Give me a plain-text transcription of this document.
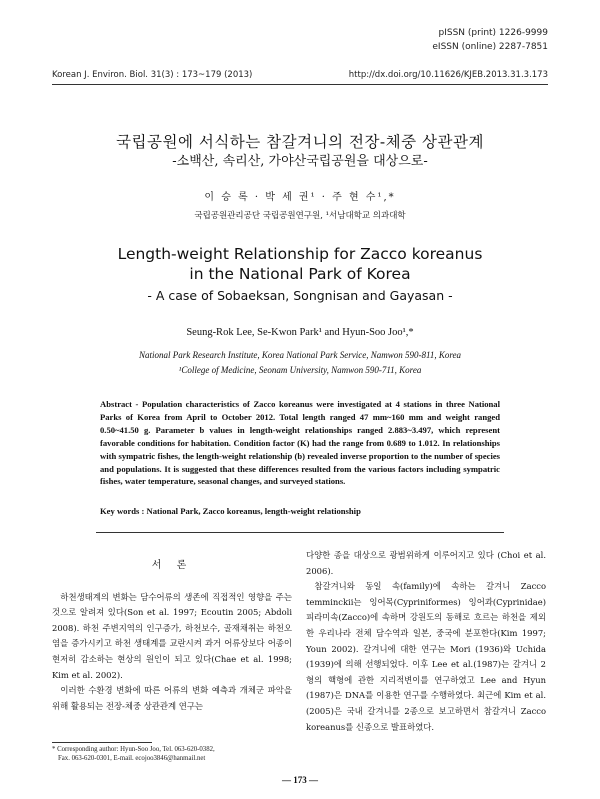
pISSN (print) 1226-9999
eISSN (online) 2287-7851
Korean J. Environ. Biol. 31(3) : 173~179 (2013)	http://dx.doi.org/10.11626/KJEB.2013.31.3.173
국립공원에 서식하는 참갈겨니의 전장-체중 상관관계
-소백산, 속리산, 가야산국립공원을 대상으로-
이 승 록 · 박 세 권¹ · 주 현 수¹,*
국립공원관리공단 국립공원연구원, ¹서남대학교 의과대학
Length-weight Relationship for Zacco koreanus
in the National Park of Korea
- A case of Sobaeksan, Songnisan and Gayasan -
Seung-Rok Lee, Se-Kwon Park¹ and Hyun-Soo Joo¹,*
National Park Research Institute, Korea National Park Service, Namwon 590-811, Korea
¹College of Medicine, Seonam University, Namwon 590-711, Korea
Abstract - Population characteristics of Zacco koreanus were investigated at 4 stations in three National Parks of Korea from April to October 2012. Total length ranged 47 mm~160 mm and weight ranged 0.50~41.50 g. Parameter b values in length-weight relationships ranged 2.883~3.497, which represent favorable conditions for habitation. Condition factor (K) had the range from 0.689 to 1.012. In relationships with sympatric fishes, the length-weight relationship (b) revealed inverse proportion to the number of species and populations. It is suggested that these differences resulted from the various factors including sympatric fishes, water temperature, seasonal changes, and surveyed stations.
Key words : National Park, Zacco koreanus, length-weight relationship
서 론

하천생태계의 변화는 담수어류의 생존에 직접적인 영향을 주는 것으로 알려져 있다(Son et al. 1997; Ecoutin 2005; Abdoli 2008). 하천 주변지역의 인구증가, 하천보수, 골재채취는 하천오염을 증가시키고 하천 생태계를 교란시켜 과거 어류상보다 어종이 현저히 감소하는 현상의 원인이 되고 있다(Chae et al. 1998; Kim et al. 2002).

이러한 수환경 변화에 따른 어류의 변화 예측과 개체군 파악을 위해 활용되는 전장-체중 상관관계 연구는

다양한 종을 대상으로 광범위하게 이루어지고 있다 (Choi et al. 2006).

참갈겨니와 동일 속(family)에 속하는 갈겨니 Zacco temminckii는 잉어목(Cypriniformes) 잉어과(Cyprinidae) 피라미속(Zacco)에 속하며 강원도의 동해로 흐르는 하천을 제외한 우리나라 전체 담수역과 일본, 중국에 분포한다(Kim 1997; Youn 2002). 갈겨니에 대한 연구는 Mori (1936)와 Uchida (1939)에 의해 선행되었다. 이후 Lee et al.(1987)는 갈겨니 2형의 핵형에 관한 지리적변이를 연구하였고 Lee and Hyun (1987)은 DNA를 이용한 연구를 수행하였다. 최근에 Kim et al. (2005)은 국내 갈겨니를 2종으로 보고하면서 참갈겨니 Zacco koreanus를 신종으로 발표하였다.

* Corresponding author: Hyun-Soo Joo, Tel. 063-620-0382,
Fax. 063-620-0301, E-mail. ecojoo3846@hanmail.net
— 173 —
